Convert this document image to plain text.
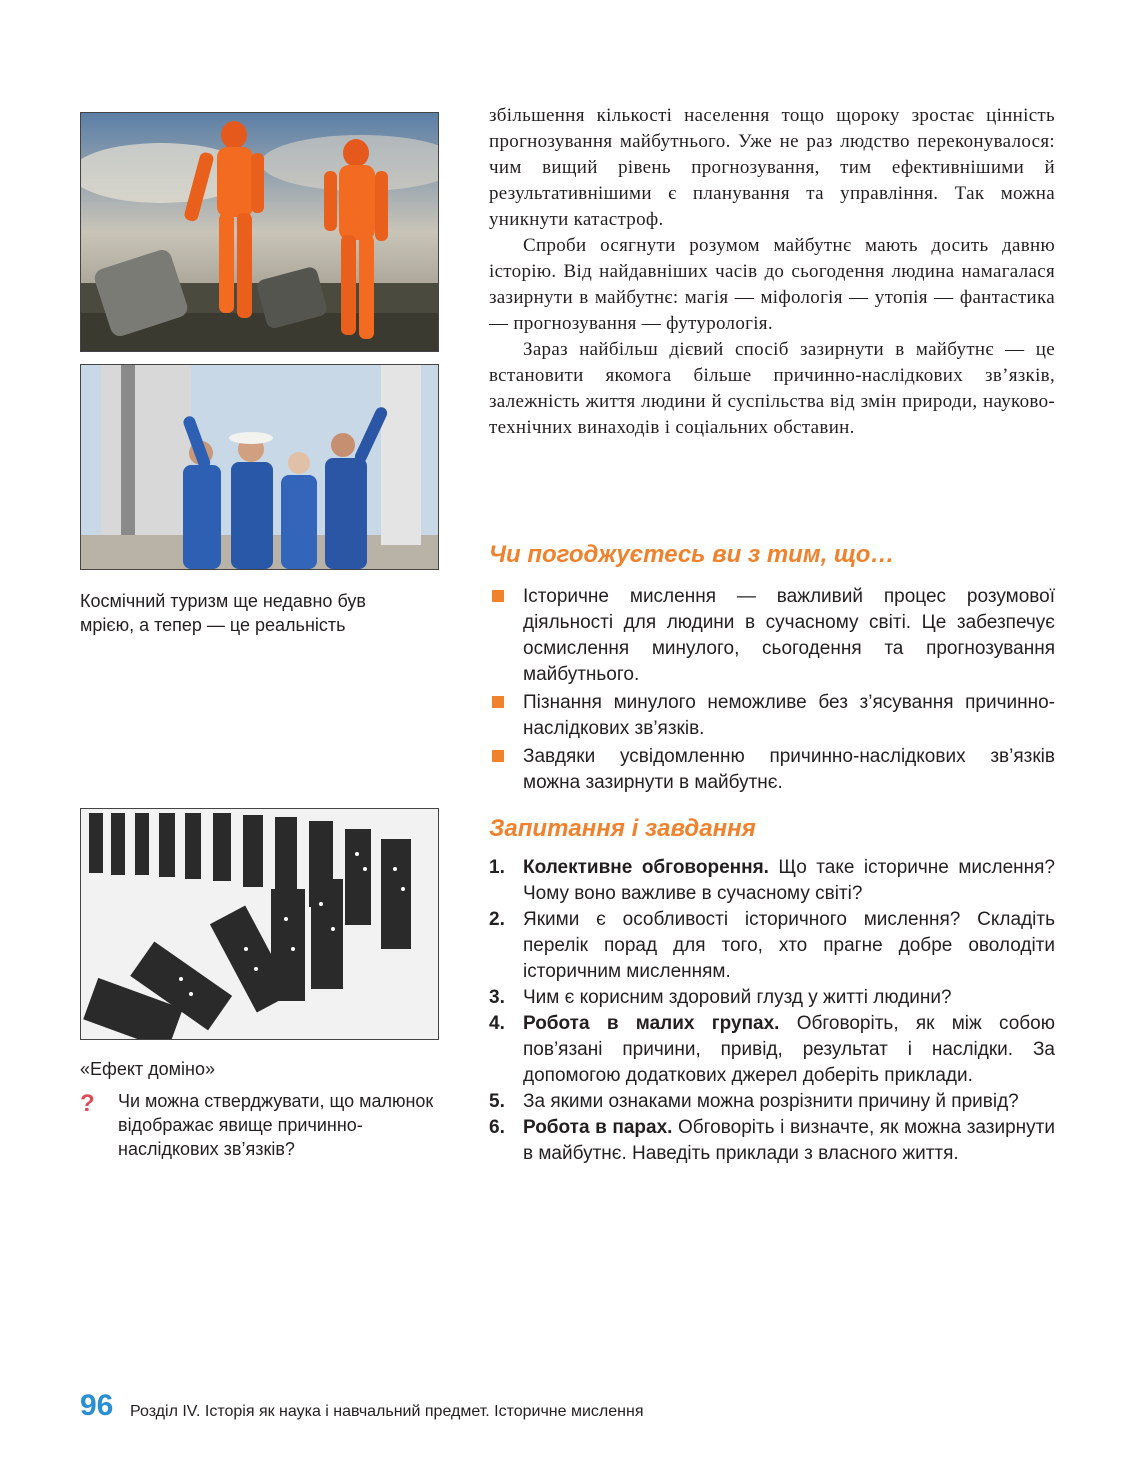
Космічний туризм ще недавно був мрією, а тепер — це реальність
«Ефект доміно»
? Чи можна стверджувати, що малюнок відображає явище причинно-наслідкових зв’язків?

збільшення кількості населення тощо щороку зростає цінність прогнозування майбутнього. Уже не раз людство переконувалося: чим вищий рівень прогнозування, тим ефективнішими й результативнішими є планування та управління. Так можна уникнути катастроф.

Спроби осягнути розумом майбутнє мають досить давню історію. Від найдавніших часів до сьогодення людина намагалася зазирнути в майбутнє: магія — міфологія — утопія — фантастика — прогнозування — футурологія.

Зараз найбільш дієвий спосіб зазирнути в майбутнє — це встановити якомога більше причинно-наслідкових зв’язків, залежність життя людини й суспільства від змін природи, науково-технічних винаходів і соціальних обставин.

Чи погоджуєтесь ви з тим, що…
Історичне мислення — важливий процес розумової діяльності для людини в сучасному світі. Це забезпечує осмислення минулого, сьогодення та прогнозування майбутнього.
Пізнання минулого неможливе без з’ясування причинно-наслідкових зв’язків.
Завдяки усвідомленню причинно-наслідкових зв’язків можна зазирнути в майбутнє.
Запитання і завдання
1. Колективне обговорення. Що таке історичне мислення? Чому воно важливе в сучасному світі?
2. Якими є особливості історичного мислення? Складіть перелік порад для того, хто прагне добре оволодіти історичним мисленням.
3. Чим є корисним здоровий глузд у житті людини?
4. Робота в малих групах. Обговоріть, як між собою пов’язані причини, привід, результат і наслідки. За допомогою додаткових джерел доберіть приклади.
5. За якими ознаками можна розрізнити причину й привід?
6. Робота в парах. Обговоріть і визначте, як можна зазирнути в майбутнє. Наведіть приклади з власного життя.
96 Розділ IV. Історія як наука і навчальний предмет. Історичне мислення
